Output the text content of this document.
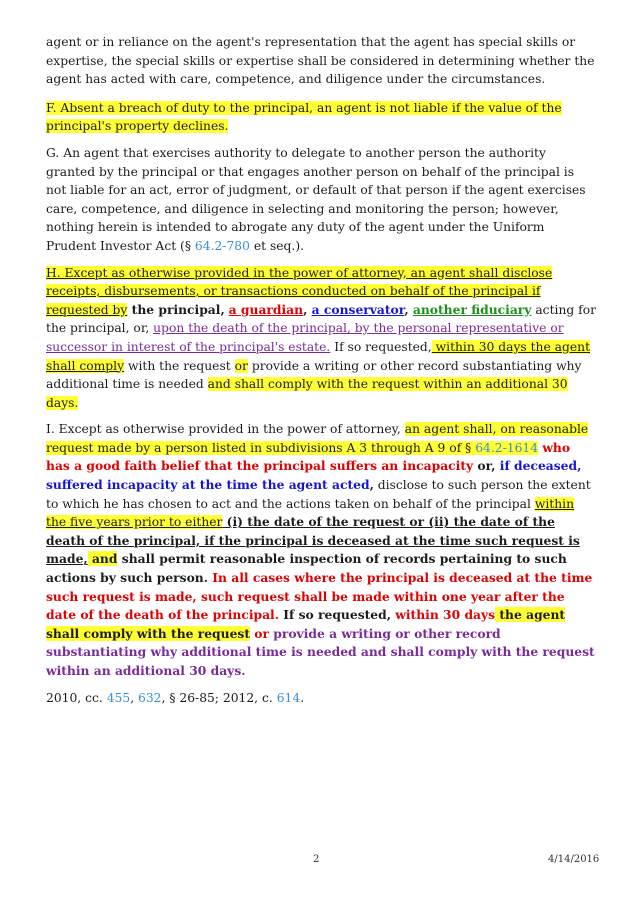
agent or in reliance on the agent's representation that the agent has special skills or expertise, the special skills or expertise shall be considered in determining whether the agent has acted with care, competence, and diligence under the circumstances.

F. Absent a breach of duty to the principal, an agent is not liable if the value of the principal's property declines.

G. An agent that exercises authority to delegate to another person the authority granted by the principal or that engages another person on behalf of the principal is not liable for an act, error of judgment, or default of that person if the agent exercises care, competence, and diligence in selecting and monitoring the person; however, nothing herein is intended to abrogate any duty of the agent under the Uniform Prudent Investor Act (§ 64.2-780 et seq.).

H. Except as otherwise provided in the power of attorney, an agent shall disclose receipts, disbursements, or transactions conducted on behalf of the principal if requested by the principal, a guardian, a conservator, another fiduciary acting for the principal, or, upon the death of the principal, by the personal representative or successor in interest of the principal's estate. If so requested, within 30 days the agent shall comply with the request or provide a writing or other record substantiating why additional time is needed and shall comply with the request within an additional 30 days.

I. Except as otherwise provided in the power of attorney, an agent shall, on reasonable request made by a person listed in subdivisions A 3 through A 9 of § 64.2-1614 who has a good faith belief that the principal suffers an incapacity or, if deceased, suffered incapacity at the time the agent acted, disclose to such person the extent to which he has chosen to act and the actions taken on behalf of the principal within the five years prior to either (i) the date of the request or (ii) the date of the death of the principal, if the principal is deceased at the time such request is made, and shall permit reasonable inspection of records pertaining to such actions by such person. In all cases where the principal is deceased at the time such request is made, such request shall be made within one year after the date of the death of the principal. If so requested, within 30 days the agent shall comply with the request or provide a writing or other record substantiating why additional time is needed and shall comply with the request within an additional 30 days.

2010, cc. 455, 632, § 26-85; 2012, c. 614.

2	4/14/2016
